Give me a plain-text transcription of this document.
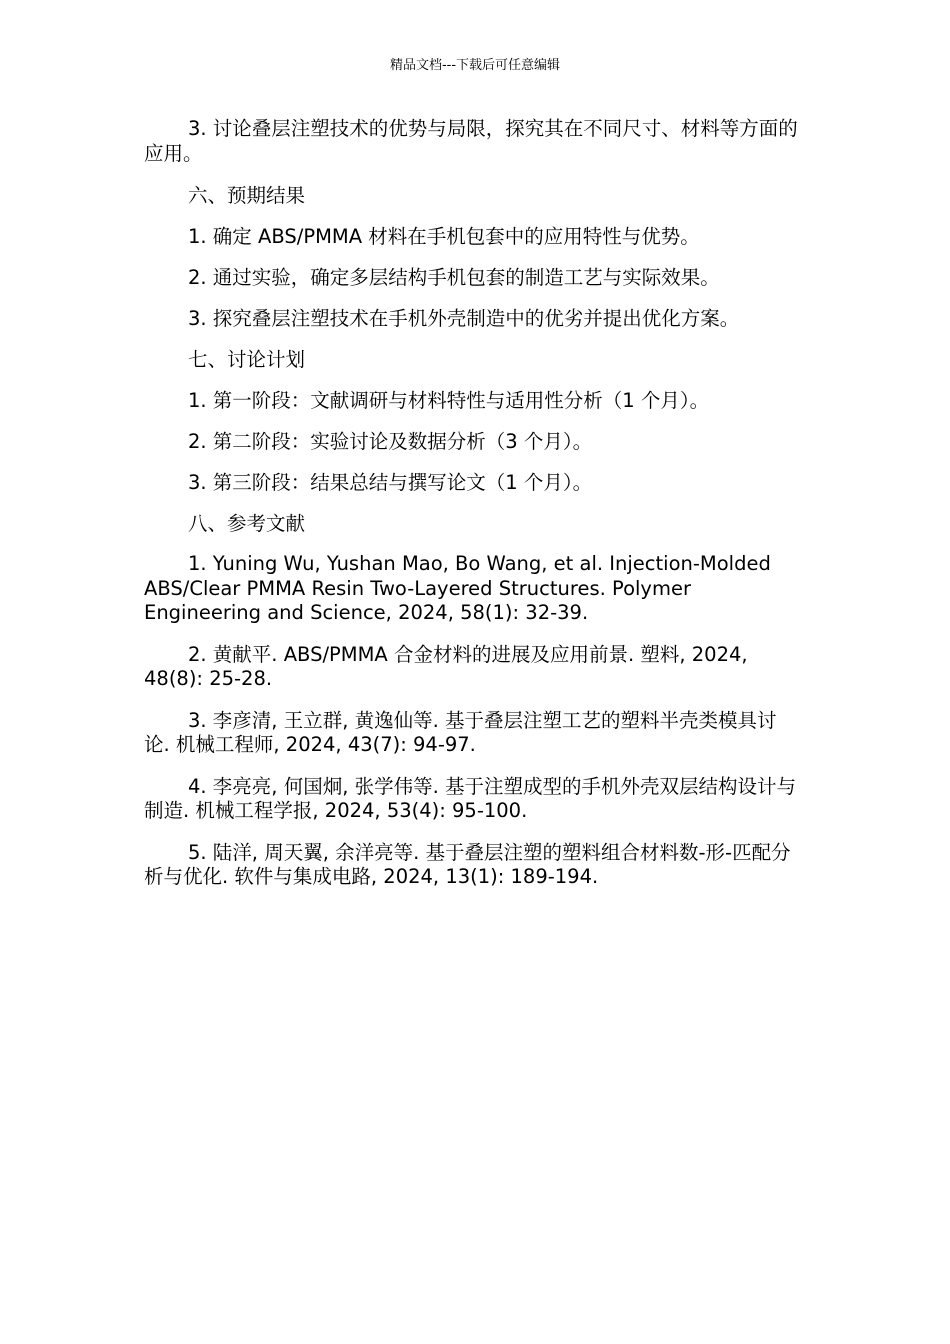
精品文档---下载后可任意编辑

3. 讨论叠层注塑技术的优势与局限，探究其在不同尺寸、材料等方面的应用。

六、预期结果

1. 确定 ABS/PMMA 材料在手机包套中的应用特性与优势。

2. 通过实验，确定多层结构手机包套的制造工艺与实际效果。

3. 探究叠层注塑技术在手机外壳制造中的优劣并提出优化方案。

七、讨论计划

1. 第一阶段：文献调研与材料特性与适用性分析（1 个月）。

2. 第二阶段：实验讨论及数据分析（3 个月）。

3. 第三阶段：结果总结与撰写论文（1 个月）。

八、参考文献

1. Yuning Wu, Yushan Mao, Bo Wang, et al. Injection-Molded ABS/Clear PMMA Resin Two-Layered Structures. Polymer Engineering and Science, 2024, 58(1): 32-39.

2. 黄献平. ABS/PMMA 合金材料的进展及应用前景. 塑料, 2024, 48(8): 25-28.

3. 李彦清, 王立群, 黄逸仙等. 基于叠层注塑工艺的塑料半壳类模具讨论. 机械工程师, 2024, 43(7): 94-97.

4. 李亮亮, 何国炯, 张学伟等. 基于注塑成型的手机外壳双层结构设计与制造. 机械工程学报, 2024, 53(4): 95-100.

5. 陆洋, 周天翼, 余洋亮等. 基于叠层注塑的塑料组合材料数-形-匹配分析与优化. 软件与集成电路, 2024, 13(1): 189-194.
